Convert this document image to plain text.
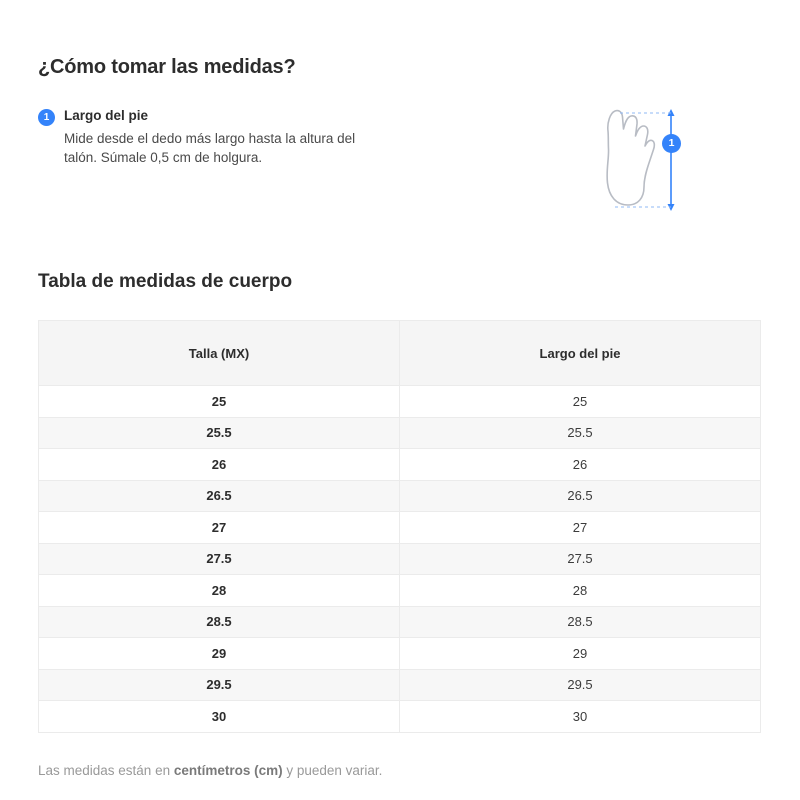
¿Cómo tomar las medidas?
1	Largo del pie

Mide desde el dedo más largo hasta la altura del talón. Súmale 0,5 cm de holgura.

1
Tabla de medidas de cuerpo
Talla (MX)	Largo del pie
25	25
25.5	25.5
26	26
26.5	26.5
27	27
27.5	27.5
28	28
28.5	28.5
29	29
29.5	29.5
30	30

Las medidas están en centímetros (cm) y pueden variar.
